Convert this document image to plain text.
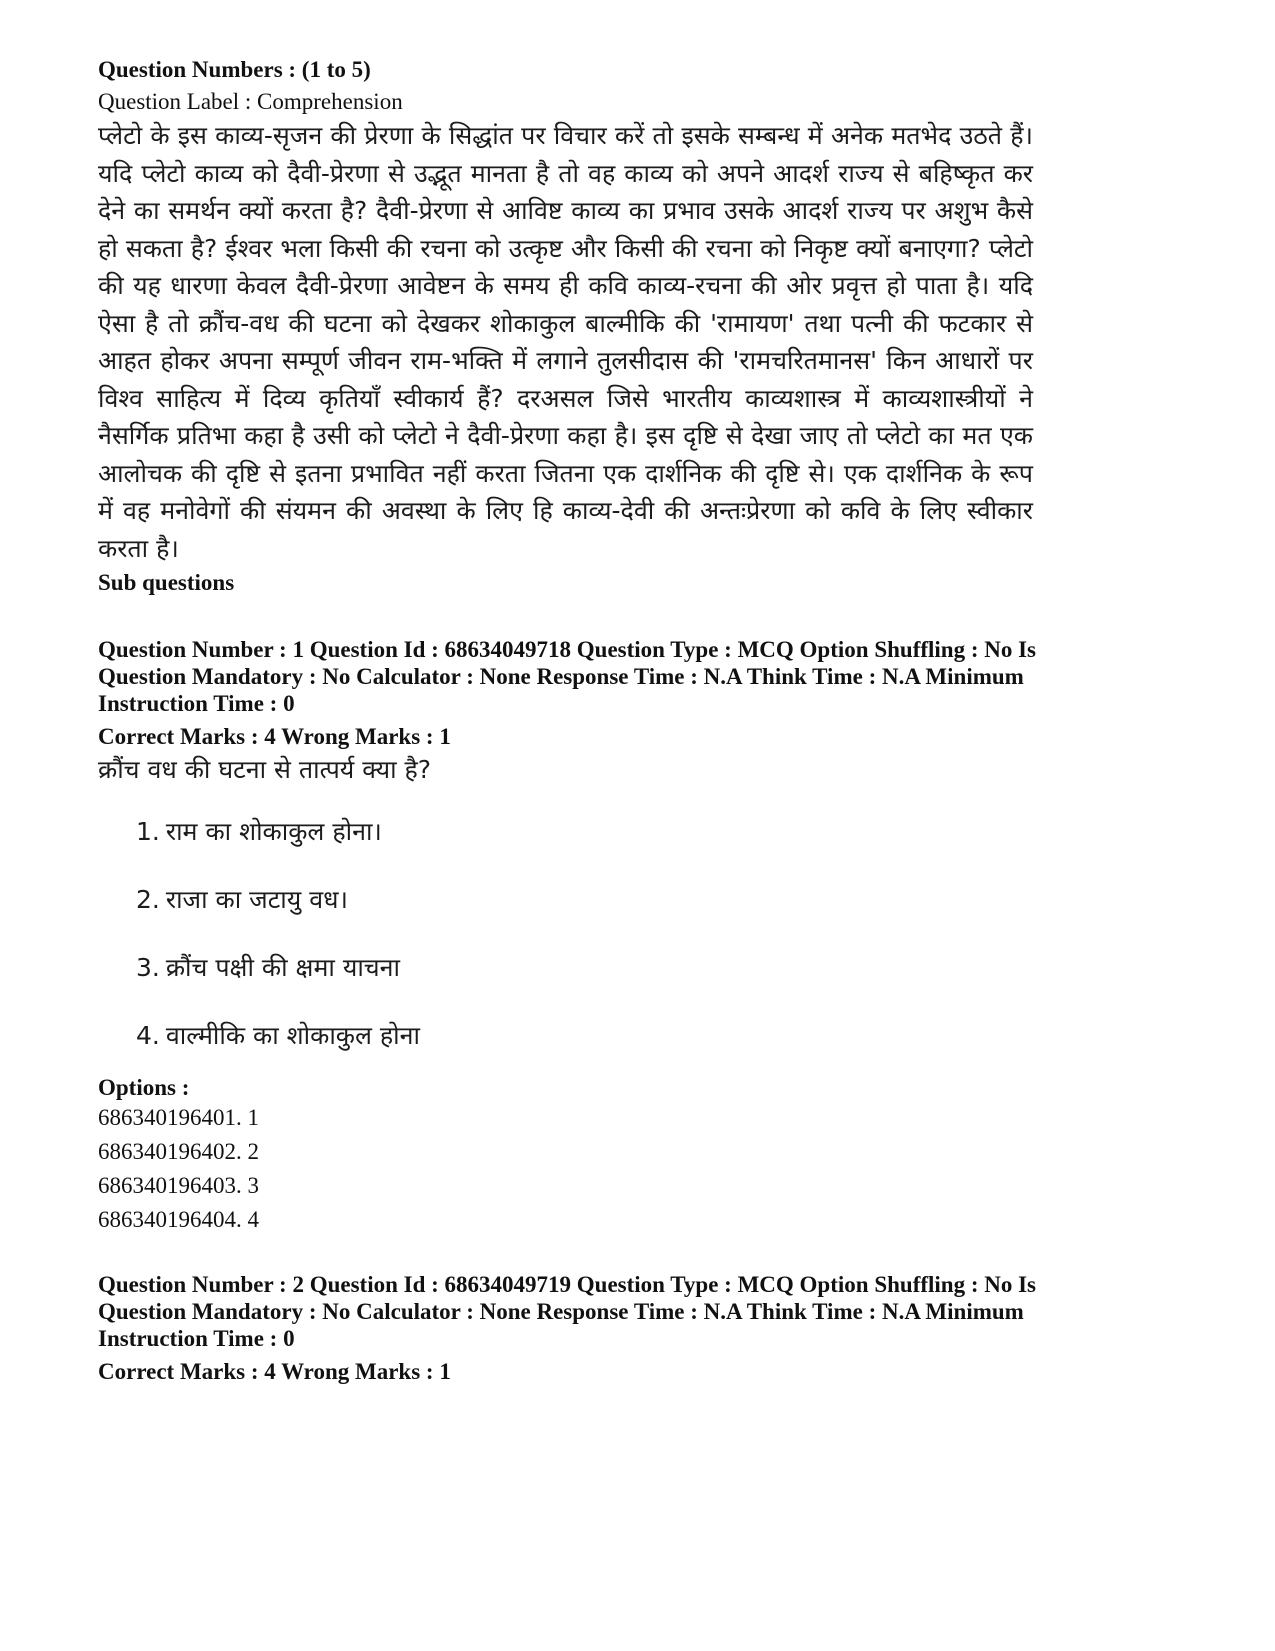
Question Numbers : (1 to 5)
Question Label : Comprehension

प्लेटो के इस काव्य-सृजन की प्रेरणा के सिद्धांत पर विचार करें तो इसके सम्बन्ध में अनेक मतभेद उठते हैं। यदि प्लेटो काव्य को दैवी-प्रेरणा से उद्भूत मानता है तो वह काव्य को अपने आदर्श राज्य से बहिष्कृत कर देने का समर्थन क्यों करता है? दैवी-प्रेरणा से आविष्ट काव्य का प्रभाव उसके आदर्श राज्य पर अशुभ कैसे हो सकता है? ईश्वर भला किसी की रचना को उत्कृष्ट और किसी की रचना को निकृष्ट क्यों बनाएगा? प्लेटो की यह धारणा केवल दैवी-प्रेरणा आवेष्टन के समय ही कवि काव्य-रचना की ओर प्रवृत्त हो पाता है। यदि ऐसा है तो क्रौंच-वध की घटना को देखकर शोकाकुल बाल्मीकि की 'रामायण' तथा पत्नी की फटकार से आहत होकर अपना सम्पूर्ण जीवन राम-भक्ति में लगाने तुलसीदास की 'रामचरितमानस' किन आधारों पर विश्व साहित्य में दिव्य कृतियाँ स्वीकार्य हैं? दरअसल जिसे भारतीय काव्यशास्त्र में काव्यशास्त्रीयों ने नैसर्गिक प्रतिभा कहा है उसी को प्लेटो ने दैवी-प्रेरणा कहा है। इस दृष्टि से देखा जाए तो प्लेटो का मत एक आलोचक की दृष्टि से इतना प्रभावित नहीं करता जितना एक दार्शनिक की दृष्टि से। एक दार्शनिक के रूप में वह मनोवेगों की संयमन की अवस्था के लिए हि काव्य-देवी की अन्तःप्रेरणा को कवि के लिए स्वीकार करता है।

Sub questions
Question Number : 1 Question Id : 68634049718 Question Type : MCQ Option Shuffling : No Is
Question Mandatory : No Calculator : None Response Time : N.A Think Time : N.A Minimum
Instruction Time : 0
Correct Marks : 4 Wrong Marks : 1
क्रौंच वध की घटना से तात्पर्य क्या है?
1. राम का शोकाकुल होना।
2. राजा का जटायु वध।
3. क्रौंच पक्षी की क्षमा याचना
4. वाल्मीकि का शोकाकुल होना
Options :
686340196401. 1
686340196402. 2
686340196403. 3
686340196404. 4
Question Number : 2 Question Id : 68634049719 Question Type : MCQ Option Shuffling : No Is
Question Mandatory : No Calculator : None Response Time : N.A Think Time : N.A Minimum
Instruction Time : 0
Correct Marks : 4 Wrong Marks : 1
